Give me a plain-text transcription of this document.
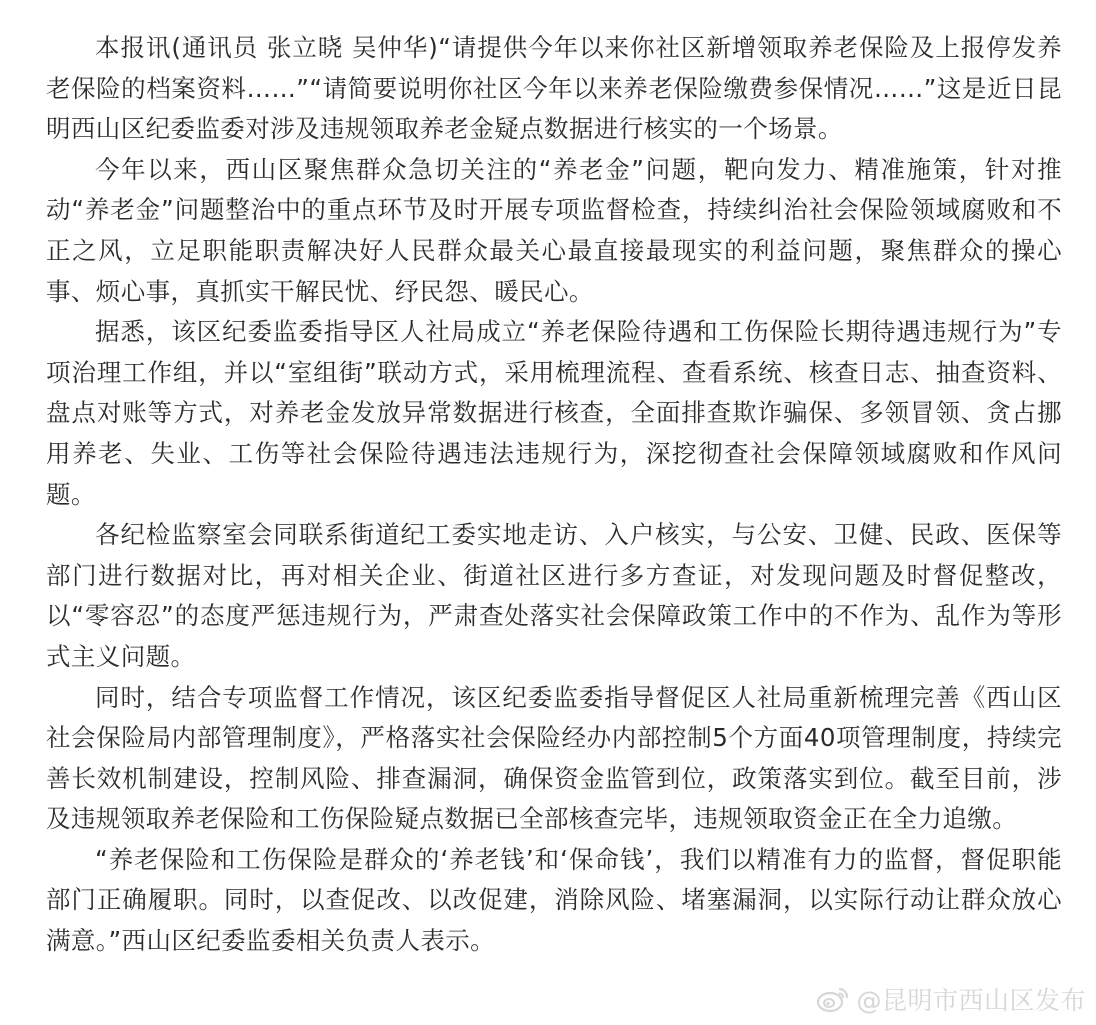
本报讯(通讯员 张立晓 吴仲华)“请提供今年以来你社区新增领取养老保险及上报停发养老保险的档案资料……”“请简要说明你社区今年以来养老保险缴费参保情况……”这是近日昆明西山区纪委监委对涉及违规领取养老金疑点数据进行核实的一个场景。

今年以来，西山区聚焦群众急切关注的“养老金”问题，靶向发力、精准施策，针对推动“养老金”问题整治中的重点环节及时开展专项监督检查，持续纠治社会保险领域腐败和不正之风，立足职能职责解决好人民群众最关心最直接最现实的利益问题，聚焦群众的操心事、烦心事，真抓实干解民忧、纾民怨、暖民心。

据悉，该区纪委监委指导区人社局成立“养老保险待遇和工伤保险长期待遇违规行为”专项治理工作组，并以“室组街”联动方式，采用梳理流程、查看系统、核查日志、抽查资料、盘点对账等方式，对养老金发放异常数据进行核查，全面排查欺诈骗保、多领冒领、贪占挪用养老、失业、工伤等社会保险待遇违法违规行为，深挖彻查社会保障领域腐败和作风问题。

各纪检监察室会同联系街道纪工委实地走访、入户核实，与公安、卫健、民政、医保等部门进行数据对比，再对相关企业、街道社区进行多方查证，对发现问题及时督促整改，以“零容忍”的态度严惩违规行为，严肃查处落实社会保障政策工作中的不作为、乱作为等形式主义问题。

同时，结合专项监督工作情况，该区纪委监委指导督促区人社局重新梳理完善《西山区社会保险局内部管理制度》，严格落实社会保险经办内部控制5个方面40项管理制度，持续完善长效机制建设，控制风险、排查漏洞，确保资金监管到位，政策落实到位。截至目前，涉及违规领取养老保险和工伤保险疑点数据已全部核查完毕，违规领取资金正在全力追缴。

“养老保险和工伤保险是群众的‘养老钱’和‘保命钱’，我们以精准有力的监督，督促职能部门正确履职。同时，以查促改、以改促建，消除风险、堵塞漏洞，以实际行动让群众放心满意。”西山区纪委监委相关负责人表示。

@昆明市西山区发布
